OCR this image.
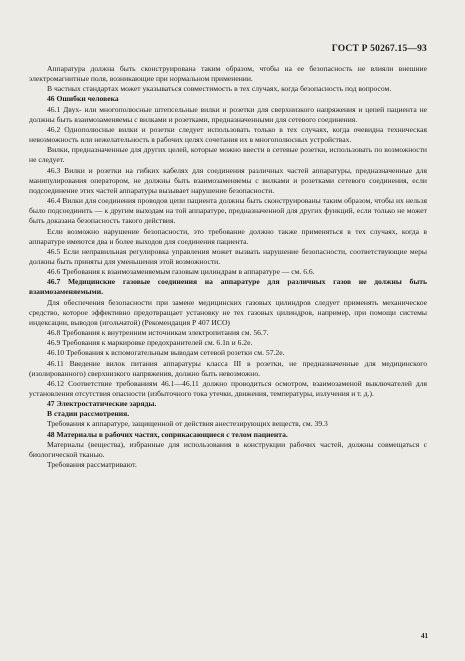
ГОСТ Р 50267.15—93

Аппаратура должна быть сконструирована таким образом, чтобы на ее безопасность не влияли внешние электромагнитные поля, возникающие при нормальном применении.

В частных стандартах может указываться совместимость в тех случаях, когда безопасность под вопросом.

46 Ошибки человека

46.1 Двух- или многополюсные штепсельные вилки и розетки для сверхнизкого напряжения и цепей пациента не должны быть взаимозаменяемы с вилками и розетками, предназначенными для сетевого соединения.

46.2 Однополюсные вилки и розетки следует использовать только в тех случаях, когда очевидна техническая невозможность или нежелательность в рабочих целях сочетания их в многополюсных устройствах.

Вилки, предназначенные для других целей, которые можно ввести в сетевые розетки, использовать по возможности не следует.

46.3 Вилки и розетки на гибких кабелях для соединения различных частей аппаратуры, предназначенные для манипулирования оператором, не должны быть взаимозаменяемы с вилками и розетками сетевого соединения, если подсоединение этих частей аппаратуры вызывает нарушение безопасности.

46.4 Вилки для соединения проводов цепи пациента должны быть сконструированы таким образом, чтобы их нельзя было подсоединить — к другим выходам на той аппаратуре, предназначенной для других функций, если только не может быть доказана безопасность такого действия.

Если возможно нарушение безопасности, это требование должно также применяться в тех случаях, когда в аппаратуре имеются два и более выходов для соединения пациента.

46.5 Если неправильная регулировка управления может вызвать нарушение безопасности, соответствующие меры должны быть приняты для уменьшения этой возможности.

46.6 Требования к взаимозаменяемым газовым цилиндрам в аппаратуре — см. 6.6.

46.7 Медицинские газовые соединения на аппаратуре для различных газов не должны быть взаимозаменяемыми.

Для обеспечения безопасности при замене медицинских газовых цилиндров следует применять механическое средство, которое эффективно предотвращает установку не тех газовых цилиндров, например, при помощи системы индексации, выводов (игольчатой) (Рекомендация Р 407 ИСО)

46.8 Требования к внутренним источникам электропитания см. 56.7.

46.9 Требования к маркировке предохранителей см. 6.1n и 6.2e.

46.10 Требования к вспомогательным выводам сетевой розетки см. 57.2e.

46.11 Введение вилок питания аппаратуры класса III в розетки, не предназначенные для медицинского (изолированного) сверхнизкого напряжения, должно быть невозможно.

46.12 Соответствие требованиям 46.1—46.11 должно проводиться осмотром, взаимозаменой выключателей для установления отсутствия опасности (избыточного тока утечки, движения, температуры, излучения и т. д.).

47 Электростатические заряды.

В стадии рассмотрения.

Требования к аппаратуре, защищенной от действия анестезирующих веществ, см. 39.3

48 Материалы в рабочих частях, соприкасающиеся с телом пациента.

Материалы (вещества), избранные для использования в конструкции рабочих частей, должны совмещаться с биологической тканью.

Требования рассматривают.

41
